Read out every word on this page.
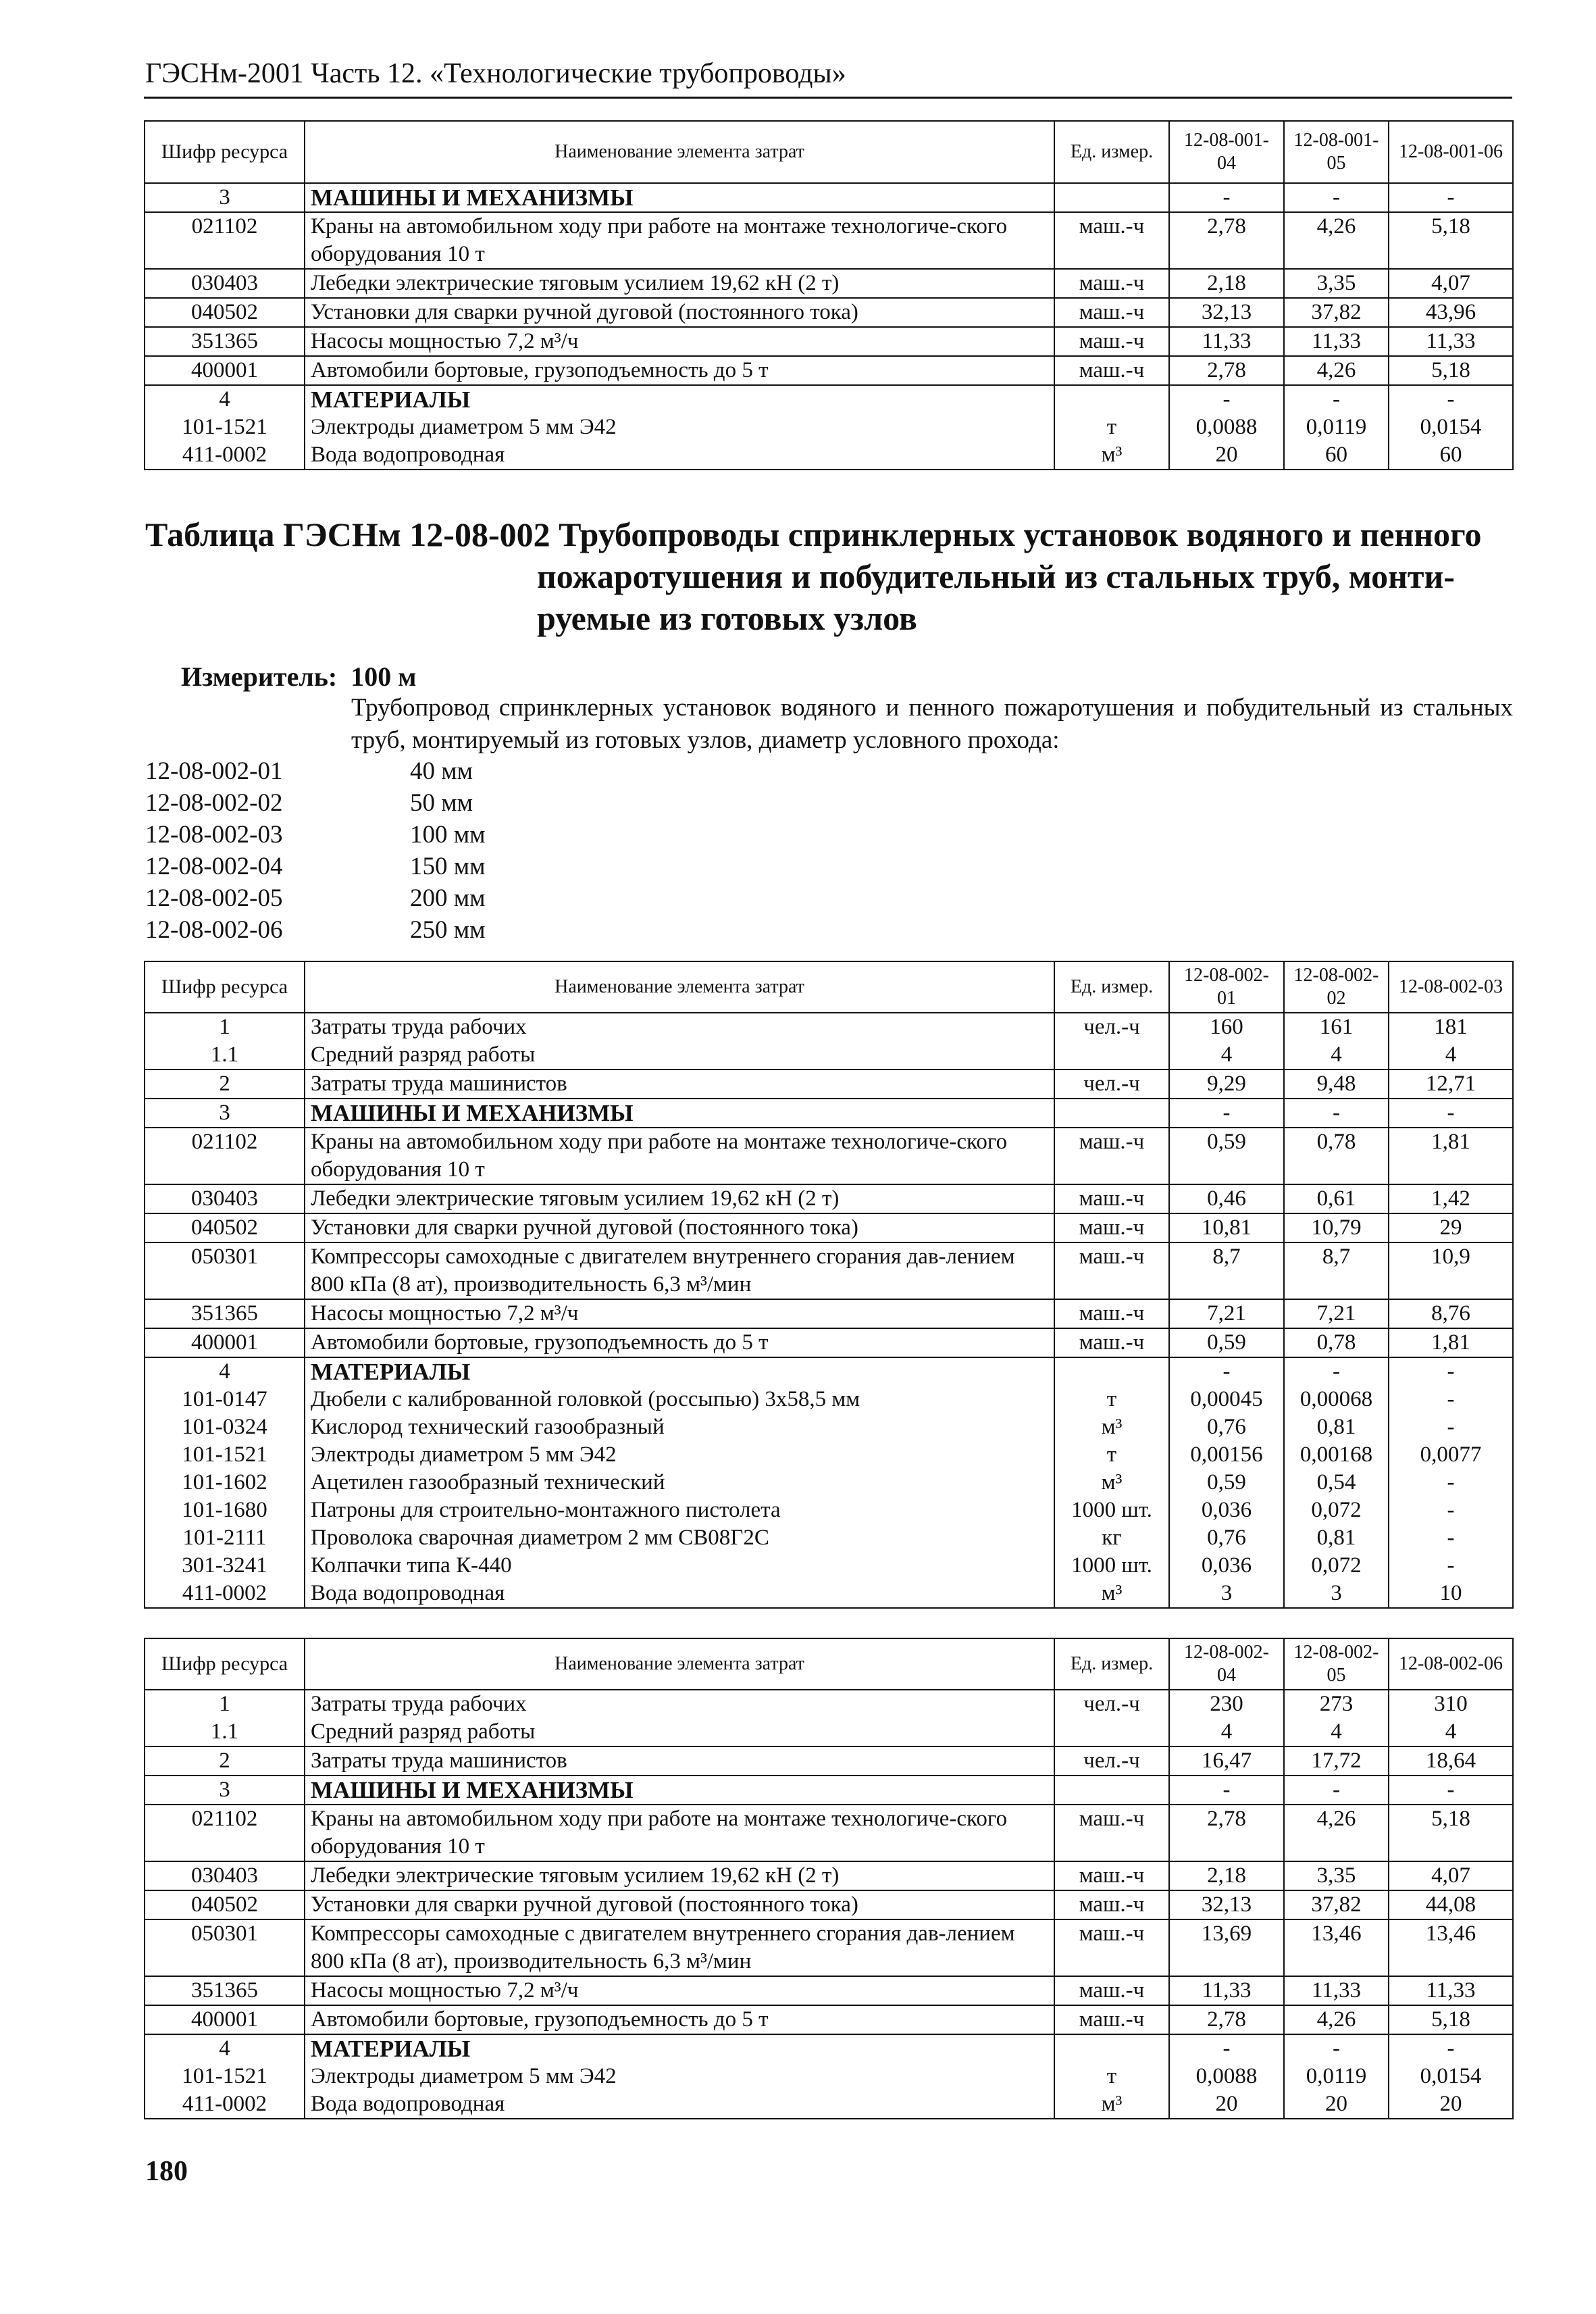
ГЭСНм-2001 Часть 12. «Технологические трубопроводы»
Шифр ресурса	Наименование элемента затрат	Ед. измер.	12-08-001-04	12-08-001-05	12-08-001-06
3	МАШИНЫ И МЕХАНИЗМЫ		-	-	-
021102	Краны на автомобильном ходу при работе на монтаже технологиче-ского оборудования 10 т	маш.-ч	2,78	4,26	5,18
030403	Лебедки электрические тяговым усилием 19,62 кН (2 т)	маш.-ч	2,18	3,35	4,07
040502	Установки для сварки ручной дуговой (постоянного тока)	маш.-ч	32,13	37,82	43,96
351365	Насосы мощностью 7,2 м³/ч	маш.-ч	11,33	11,33	11,33
400001	Автомобили бортовые, грузоподъемность до 5 т	маш.-ч	2,78	4,26	5,18
4	МАТЕРИАЛЫ		-	-	-
101-1521	Электроды диаметром 5 мм Э42	т	0,0088	0,0119	0,0154
411-0002	Вода водопроводная	м³	20	60	60
Таблица ГЭСНм 12-08-002 Трубопроводы спринклерных установок водяного и пенного
пожаротушения и побудительный из стальных труб, монти-
руемые из готовых узлов
Измеритель: 100 м
Трубопровод спринклерных установок водяного и пенного пожаротушения и побудительный из стальных труб, монтируемый из готовых узлов, диаметр условного прохода:
12-08-002-01	40 мм
12-08-002-02	50 мм
12-08-002-03	100 мм
12-08-002-04	150 мм
12-08-002-05	200 мм
12-08-002-06	250 мм
Шифр ресурса	Наименование элемента затрат	Ед. измер.	12-08-002-01	12-08-002-02	12-08-002-03
1	Затраты труда рабочих	чел.-ч	160	161	181
1.1	Средний разряд работы		4	4	4
2	Затраты труда машинистов	чел.-ч	9,29	9,48	12,71
3	МАШИНЫ И МЕХАНИЗМЫ		-	-	-
021102	Краны на автомобильном ходу при работе на монтаже технологиче-ского оборудования 10 т	маш.-ч	0,59	0,78	1,81
030403	Лебедки электрические тяговым усилием 19,62 кН (2 т)	маш.-ч	0,46	0,61	1,42
040502	Установки для сварки ручной дуговой (постоянного тока)	маш.-ч	10,81	10,79	29
050301	Компрессоры самоходные с двигателем внутреннего сгорания дав-лением 800 кПа (8 ат), производительность 6,3 м³/мин	маш.-ч	8,7	8,7	10,9
351365	Насосы мощностью 7,2 м³/ч	маш.-ч	7,21	7,21	8,76
400001	Автомобили бортовые, грузоподъемность до 5 т	маш.-ч	0,59	0,78	1,81
4	МАТЕРИАЛЫ		-	-	-
101-0147	Дюбели с калиброванной головкой (россыпью) 3х58,5 мм	т	0,00045	0,00068	-
101-0324	Кислород технический газообразный	м³	0,76	0,81	-
101-1521	Электроды диаметром 5 мм Э42	т	0,00156	0,00168	0,0077
101-1602	Ацетилен газообразный технический	м³	0,59	0,54	-
101-1680	Патроны для строительно-монтажного пистолета	1000 шт.	0,036	0,072	-
101-2111	Проволока сварочная диаметром 2 мм СВ08Г2С	кг	0,76	0,81	-
301-3241	Колпачки типа К-440	1000 шт.	0,036	0,072	-
411-0002	Вода водопроводная	м³	3	3	10
Шифр ресурса	Наименование элемента затрат	Ед. измер.	12-08-002-04	12-08-002-05	12-08-002-06
1	Затраты труда рабочих	чел.-ч	230	273	310
1.1	Средний разряд работы		4	4	4
2	Затраты труда машинистов	чел.-ч	16,47	17,72	18,64
3	МАШИНЫ И МЕХАНИЗМЫ		-	-	-
021102	Краны на автомобильном ходу при работе на монтаже технологиче-ского оборудования 10 т	маш.-ч	2,78	4,26	5,18
030403	Лебедки электрические тяговым усилием 19,62 кН (2 т)	маш.-ч	2,18	3,35	4,07
040502	Установки для сварки ручной дуговой (постоянного тока)	маш.-ч	32,13	37,82	44,08
050301	Компрессоры самоходные с двигателем внутреннего сгорания дав-лением 800 кПа (8 ат), производительность 6,3 м³/мин	маш.-ч	13,69	13,46	13,46
351365	Насосы мощностью 7,2 м³/ч	маш.-ч	11,33	11,33	11,33
400001	Автомобили бортовые, грузоподъемность до 5 т	маш.-ч	2,78	4,26	5,18
4	МАТЕРИАЛЫ		-	-	-
101-1521	Электроды диаметром 5 мм Э42	т	0,0088	0,0119	0,0154
411-0002	Вода водопроводная	м³	20	20	20
180
